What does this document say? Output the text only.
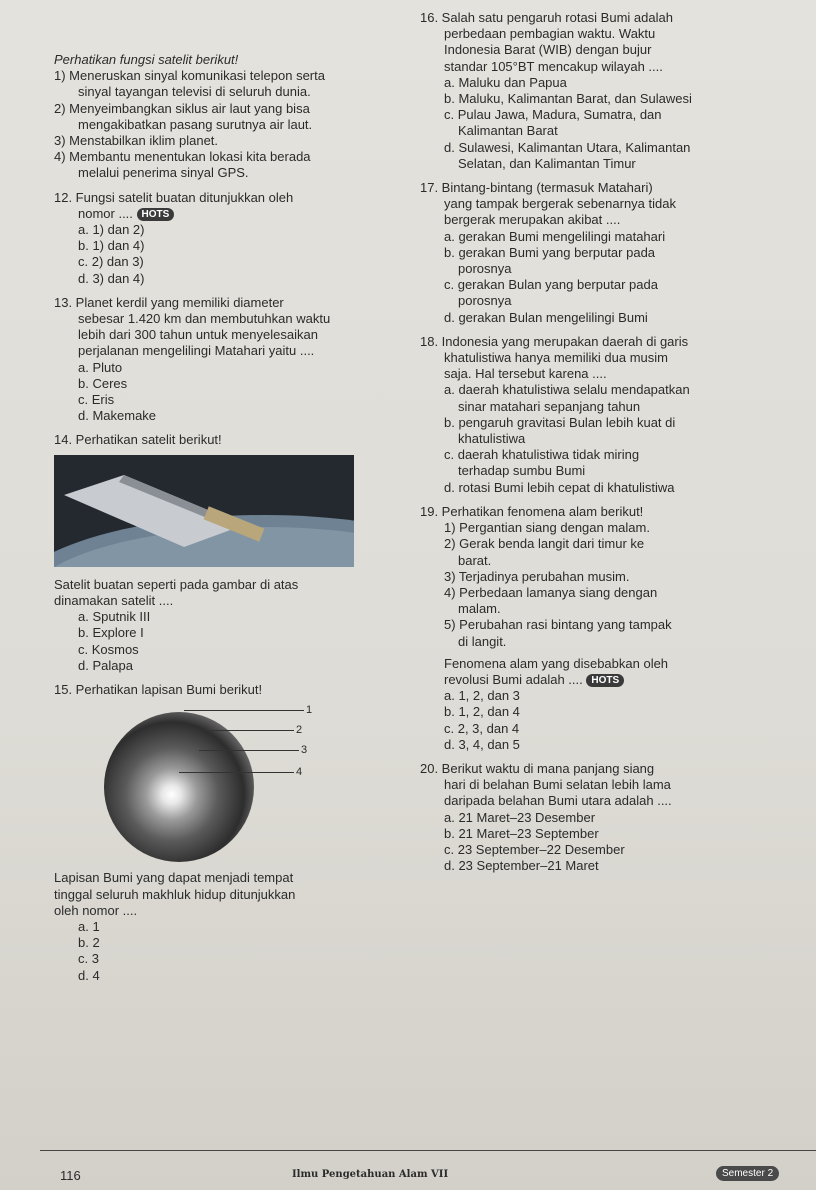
Perhatikan fungsi satelit berikut!

1) Meneruskan sinyal komunikasi telepon serta

sinyal tayangan televisi di seluruh dunia.

2) Menyeimbangkan siklus air laut yang bisa

mengakibatkan pasang surutnya air laut.

3) Menstabilkan iklim planet.

4) Membantu menentukan lokasi kita berada

melalui penerima sinyal GPS.

12. Fungsi satelit buatan ditunjukkan oleh

nomor .... HOTS

a. 1) dan 2)

b. 1) dan 4)

c. 2) dan 3)

d. 3) dan 4)

13. Planet kerdil yang memiliki diameter

sebesar 1.420 km dan membutuhkan waktu

lebih dari 300 tahun untuk menyelesaikan

perjalanan mengelilingi Matahari yaitu ....

a. Pluto

b. Ceres

c. Eris

d. Makemake

14. Perhatikan satelit berikut!

Satelit buatan seperti pada gambar di atas

dinamakan satelit ....

a. Sputnik III

b. Explore I

c. Kosmos

d. Palapa

15. Perhatikan lapisan Bumi berikut!

1
2
3
4

Lapisan Bumi yang dapat menjadi tempat

tinggal seluruh makhluk hidup ditunjukkan

oleh nomor ....

a. 1

b. 2

c. 3

d. 4

16. Salah satu pengaruh rotasi Bumi adalah

perbedaan pembagian waktu. Waktu

Indonesia Barat (WIB) dengan bujur

standar 105°BT mencakup wilayah ....

a. Maluku dan Papua

b. Maluku, Kalimantan Barat, dan Sulawesi

c. Pulau Jawa, Madura, Sumatra, dan

Kalimantan Barat

d. Sulawesi, Kalimantan Utara, Kalimantan

Selatan, dan Kalimantan Timur

17. Bintang-bintang (termasuk Matahari)

yang tampak bergerak sebenarnya tidak

bergerak merupakan akibat ....

a. gerakan Bumi mengelilingi matahari

b. gerakan Bumi yang berputar pada

porosnya

c. gerakan Bulan yang berputar pada

porosnya

d. gerakan Bulan mengelilingi Bumi

18. Indonesia yang merupakan daerah di garis

khatulistiwa hanya memiliki dua musim

saja. Hal tersebut karena ....

a. daerah khatulistiwa selalu mendapatkan

sinar matahari sepanjang tahun

b. pengaruh gravitasi Bulan lebih kuat di

khatulistiwa

c. daerah khatulistiwa tidak miring

terhadap sumbu Bumi

d. rotasi Bumi lebih cepat di khatulistiwa

19. Perhatikan fenomena alam berikut!

1) Pergantian siang dengan malam.

2) Gerak benda langit dari timur ke

barat.

3) Terjadinya perubahan musim.

4) Perbedaan lamanya siang dengan

malam.

5) Perubahan rasi bintang yang tampak

di langit.

Fenomena alam yang disebabkan oleh

revolusi Bumi adalah .... HOTS

a. 1, 2, dan 3

b. 1, 2, dan 4

c. 2, 3, dan 4

d. 3, 4, dan 5

20. Berikut waktu di mana panjang siang

hari di belahan Bumi selatan lebih lama

daripada belahan Bumi utara adalah ....

a. 21 Maret–23 Desember

b. 21 Maret–23 September

c. 23 September–22 Desember

d. 23 September–21 Maret

116	Ilmu Pengetahuan Alam VII	Semester 2
